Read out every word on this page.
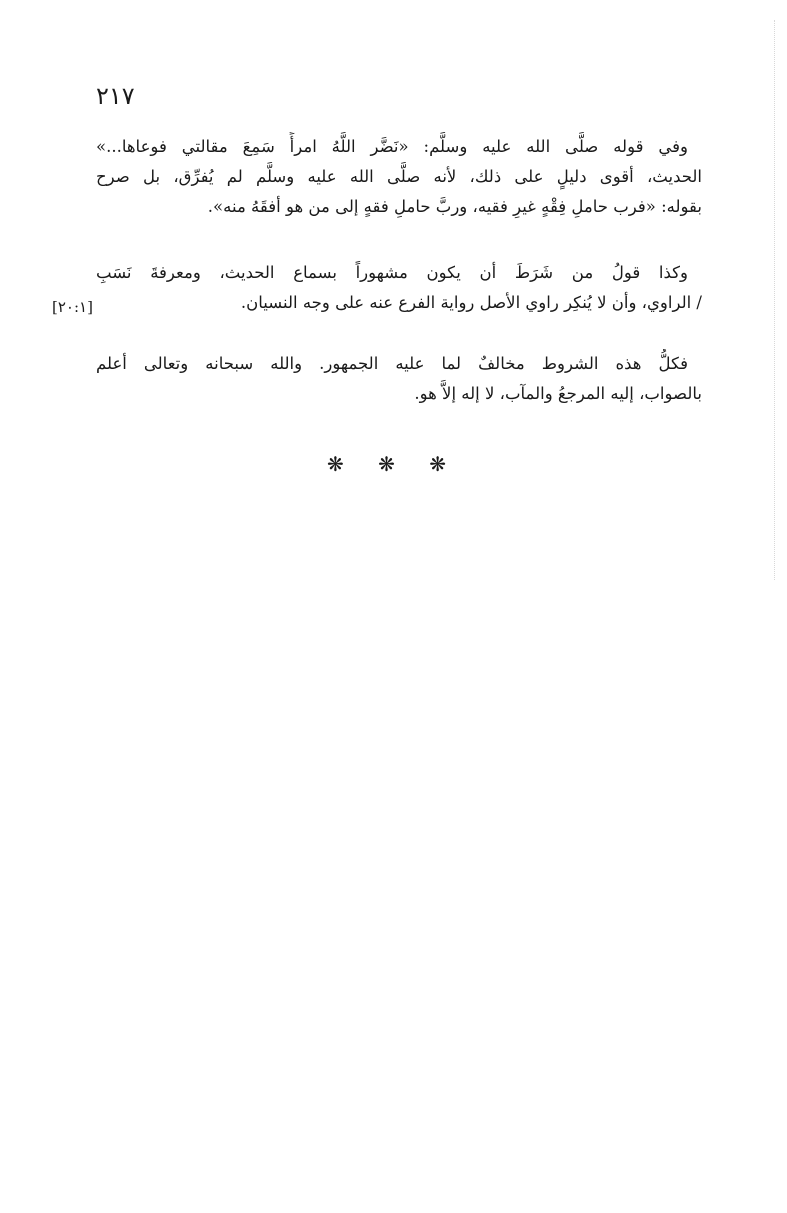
٢١٧
وفي قوله صلَّى الله عليه وسلَّم: «نَضَّر اللَّهُ امرأً سَمِعَ مقالتي فوعاها...»
الحديث، أقوى دليلٍ على ذلك، لأنه صلَّى الله عليه وسلَّم لم يُفرِّق، بل صرح
بقوله: «فرب حاملِ فِقْهٍ غيرِ فقيه، وربَّ حاملِ فقهٍ إلى من هو أفقَهُ منه».
وكذا قولُ من شَرَطَ أن يكون مشهوراً بسماع الحديث، ومعرفةَ نَسَبِ
/ الراوي، وأن لا يُنكِر راوي الأصل رواية الفرع عنه على وجه النسيان.
[٢٠:١]
فكلُّ هذه الشروط مخالفٌ لما عليه الجمهور. والله سبحانه وتعالى أعلم
بالصواب، إليه المرجعُ والمآب، لا إله إلاَّ هو.
❋ ❋ ❋
